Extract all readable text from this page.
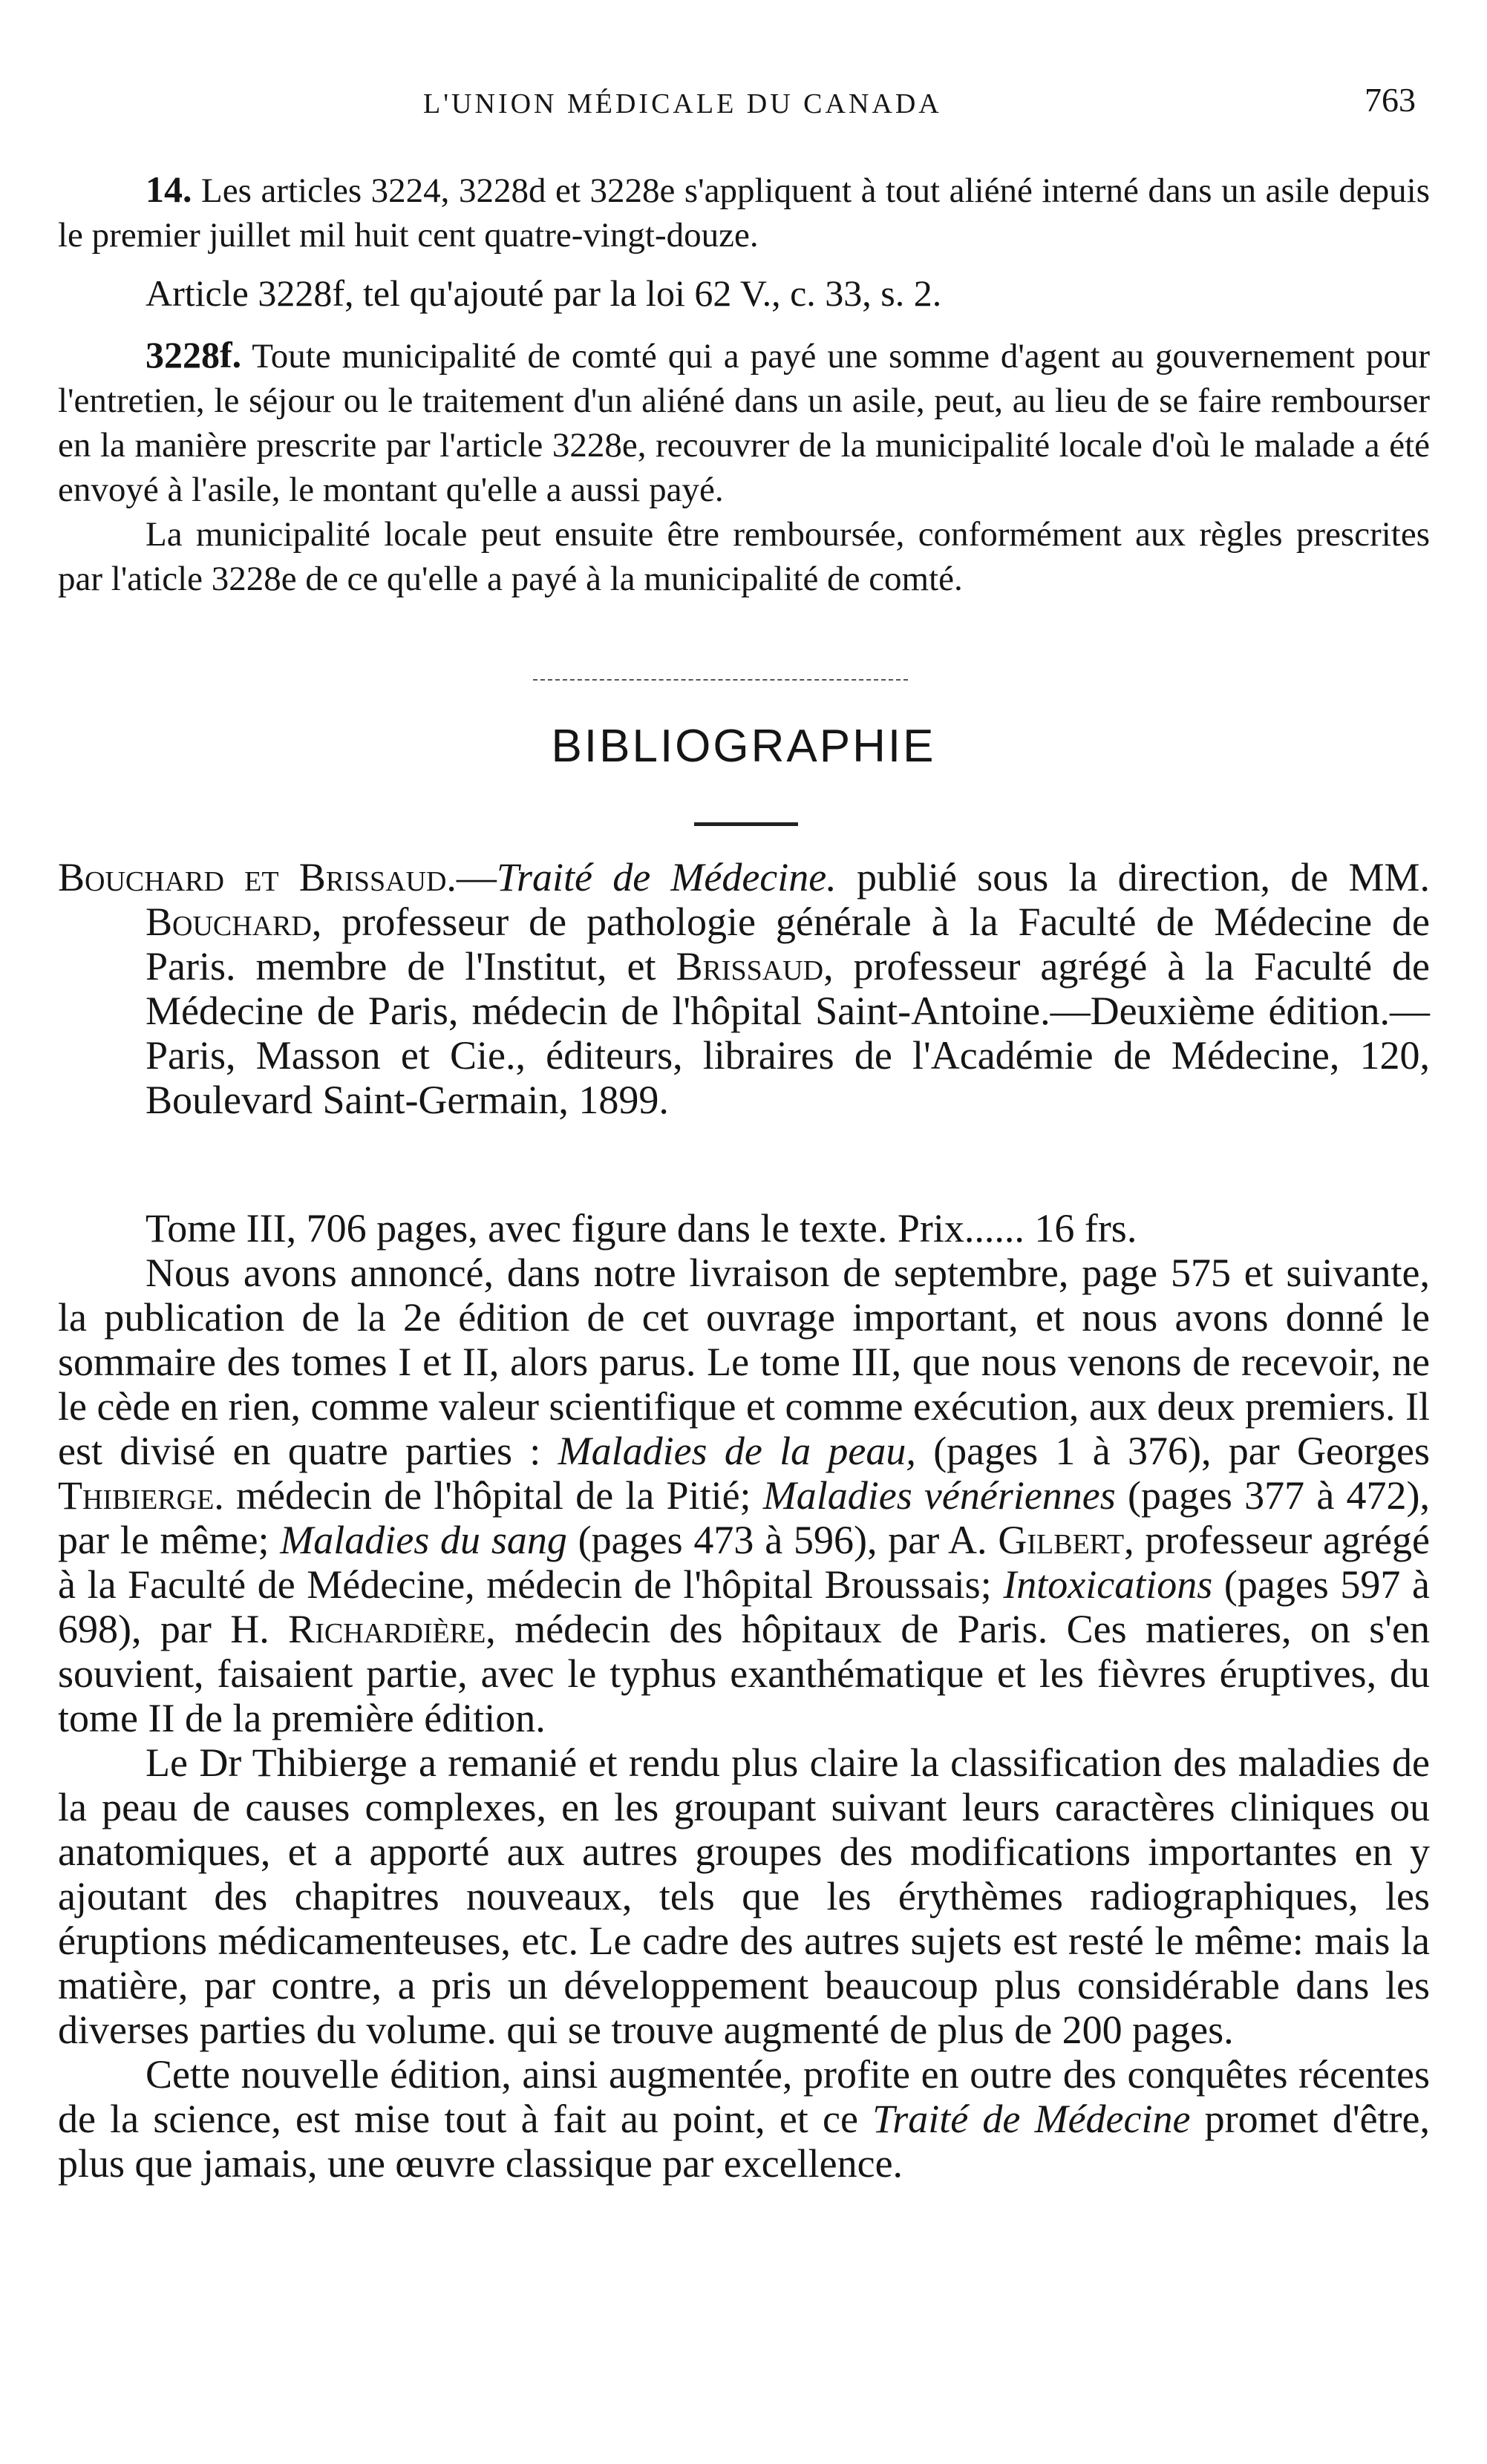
L'UNION MÉDICALE DU CANADA	763

14. Les articles 3224, 3228d et 3228e s'appliquent à tout aliéné interné dans un asile depuis le premier juillet mil huit cent quatre-vingt-douze.

Article 3228f, tel qu'ajouté par la loi 62 V., c. 33, s. 2.

3228f. Toute municipalité de comté qui a payé une somme d'agent au gouvernement pour l'entretien, le séjour ou le traitement d'un aliéné dans un asile, peut, au lieu de se faire rembourser en la manière prescrite par l'article 3228e, recouvrer de la municipalité locale d'où le malade a été envoyé à l'asile, le montant qu'elle a aussi payé.

La municipalité locale peut ensuite être remboursée, conformément aux règles prescrites par l'aticle 3228e de ce qu'elle a payé à la municipalité de comté.

BIBLIOGRAPHIE

Bouchard et Brissaud.—Traité de Médecine. publié sous la direction, de MM. Bouchard, professeur de pathologie générale à la Faculté de Médecine de Paris. membre de l'Institut, et Brissaud, professeur agrégé à la Faculté de Médecine de Paris, médecin de l'hôpital Saint-Antoine.—Deuxième édition.—Paris, Masson et Cie., éditeurs, libraires de l'Académie de Médecine, 120, Boulevard Saint-Germain, 1899.

Tome III, 706 pages, avec figure dans le texte. Prix...... 16 frs.

Nous avons annoncé, dans notre livraison de septembre, page 575 et suivante, la publication de la 2e édition de cet ouvrage important, et nous avons donné le sommaire des tomes I et II, alors parus. Le tome III, que nous venons de recevoir, ne le cède en rien, comme valeur scientifique et comme exécution, aux deux premiers. Il est divisé en quatre parties : Maladies de la peau, (pages 1 à 376), par Georges Thibierge. médecin de l'hôpital de la Pitié; Maladies vénériennes (pages 377 à 472), par le même; Maladies du sang (pages 473 à 596), par A. Gilbert, professeur agrégé à la Faculté de Médecine, médecin de l'hôpital Broussais; Intoxications (pages 597 à 698), par H. Richardière, médecin des hôpitaux de Paris. Ces matieres, on s'en souvient, faisaient partie, avec le typhus exanthématique et les fièvres éruptives, du tome II de la première édition.

Le Dr Thibierge a remanié et rendu plus claire la classification des maladies de la peau de causes complexes, en les groupant suivant leurs caractères cliniques ou anatomiques, et a apporté aux autres groupes des modifications importantes en y ajoutant des chapitres nouveaux, tels que les érythèmes radiographiques, les éruptions médicamenteuses, etc. Le cadre des autres sujets est resté le même: mais la matière, par contre, a pris un développement beaucoup plus considérable dans les diverses parties du volume. qui se trouve augmenté de plus de 200 pages.

Cette nouvelle édition, ainsi augmentée, profite en outre des conquêtes récentes de la science, est mise tout à fait au point, et ce Traité de Médecine promet d'être, plus que jamais, une œuvre classique par excellence.
